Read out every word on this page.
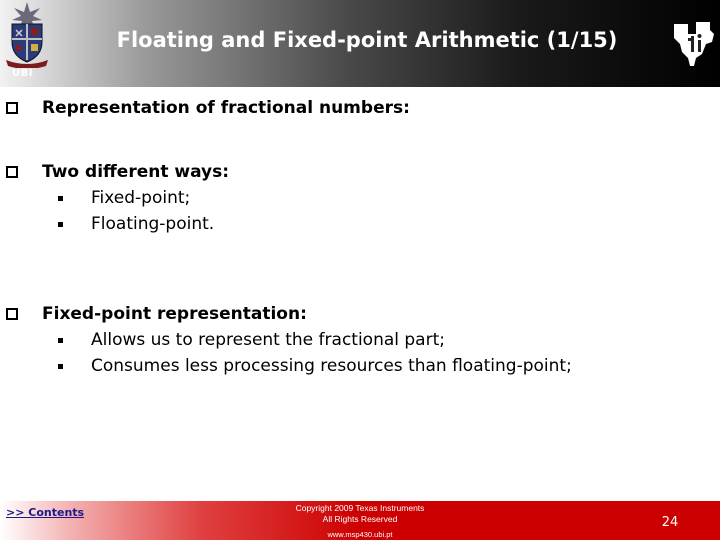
UBI
Floating and Fixed-point Arithmetic (1/15)
Representation of fractional numbers:
Two different ways:
Fixed-point;
Floating-point.
Fixed-point representation:
Allows us to represent the fractional part;
Consumes less processing resources than floating-point;
>> Contents	Copyright 2009 Texas Instruments
All Rights Reserved
www.msp430.ubi.pt
24
